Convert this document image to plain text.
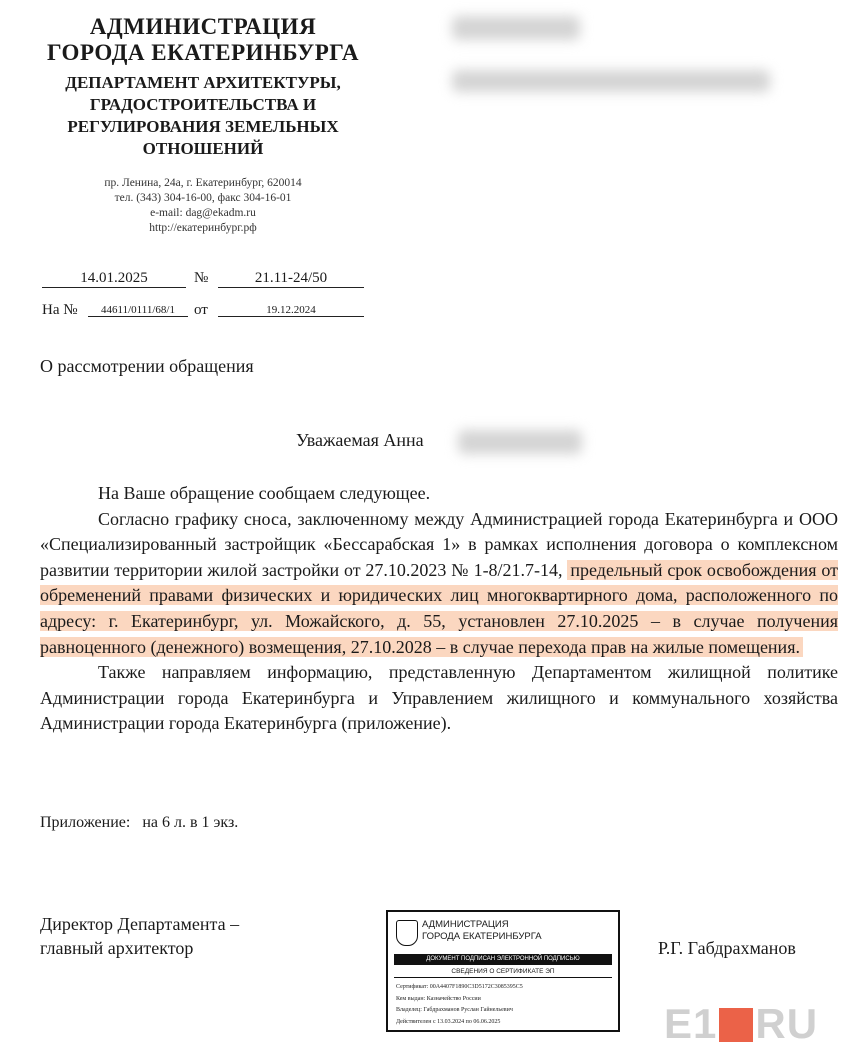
АДМИНИСТРАЦИЯ
ГОРОДА ЕКАТЕРИНБУРГА
ДЕПАРТАМЕНТ АРХИТЕКТУРЫ,
ГРАДОСТРОИТЕЛЬСТВА И
РЕГУЛИРОВАНИЯ ЗЕМЕЛЬНЫХ
ОТНОШЕНИЙ
пр. Ленина, 24а, г. Екатеринбург, 620014
тел. (343) 304-16-00, факс 304-16-01
e-mail: dag@ekadm.ru
http://екатеринбург.рф
14.01.2025	№	21.11-24/50
На №	44611/0111/68/1	от	19.12.2024
О рассмотрении обращения
Уважаемая Анна

На Ваше обращение сообщаем следующее.

Согласно графику сноса, заключенному между Администрацией города Екатеринбурга и ООО «Специализированный застройщик «Бессарабская 1» в рамках исполнения договора о комплексном развитии территории жилой застройки от 27.10.2023 № 1-8/21.7-14, предельный срок освобождения от обременений правами физических и юридических лиц многоквартирного дома, расположенного по адресу: г. Екатеринбург, ул. Можайского, д. 55, установлен 27.10.2025 – в случае получения равноценного (денежного) возмещения, 27.10.2028 – в случае перехода прав на жилые помещения.

Также направляем информацию, представленную Департаментом жилищной политике Администрации города Екатеринбурга и Управлением жилищного и коммунального хозяйства Администрации города Екатеринбурга (приложение).

Приложение:   на 6 л. в 1 экз.
Директор Департамента –
главный архитектор
АДМИНИСТРАЦИЯ
ГОРОДА ЕКАТЕРИНБУРГА
ДОКУМЕНТ ПОДПИСАН ЭЛЕКТРОННОЙ ПОДПИСЬЮ
СВЕДЕНИЯ О СЕРТИФИКАТЕ ЭП
Сертификат: 00A4407F1890C3D5172C3085395C5
Кем выдан: Казначейство России
Владелец: Габдрахманов Руслан Гайнельевич
Действителен с 13.03.2024 по 06.06.2025
Р.Г. Габдрахманов
E1 RU
